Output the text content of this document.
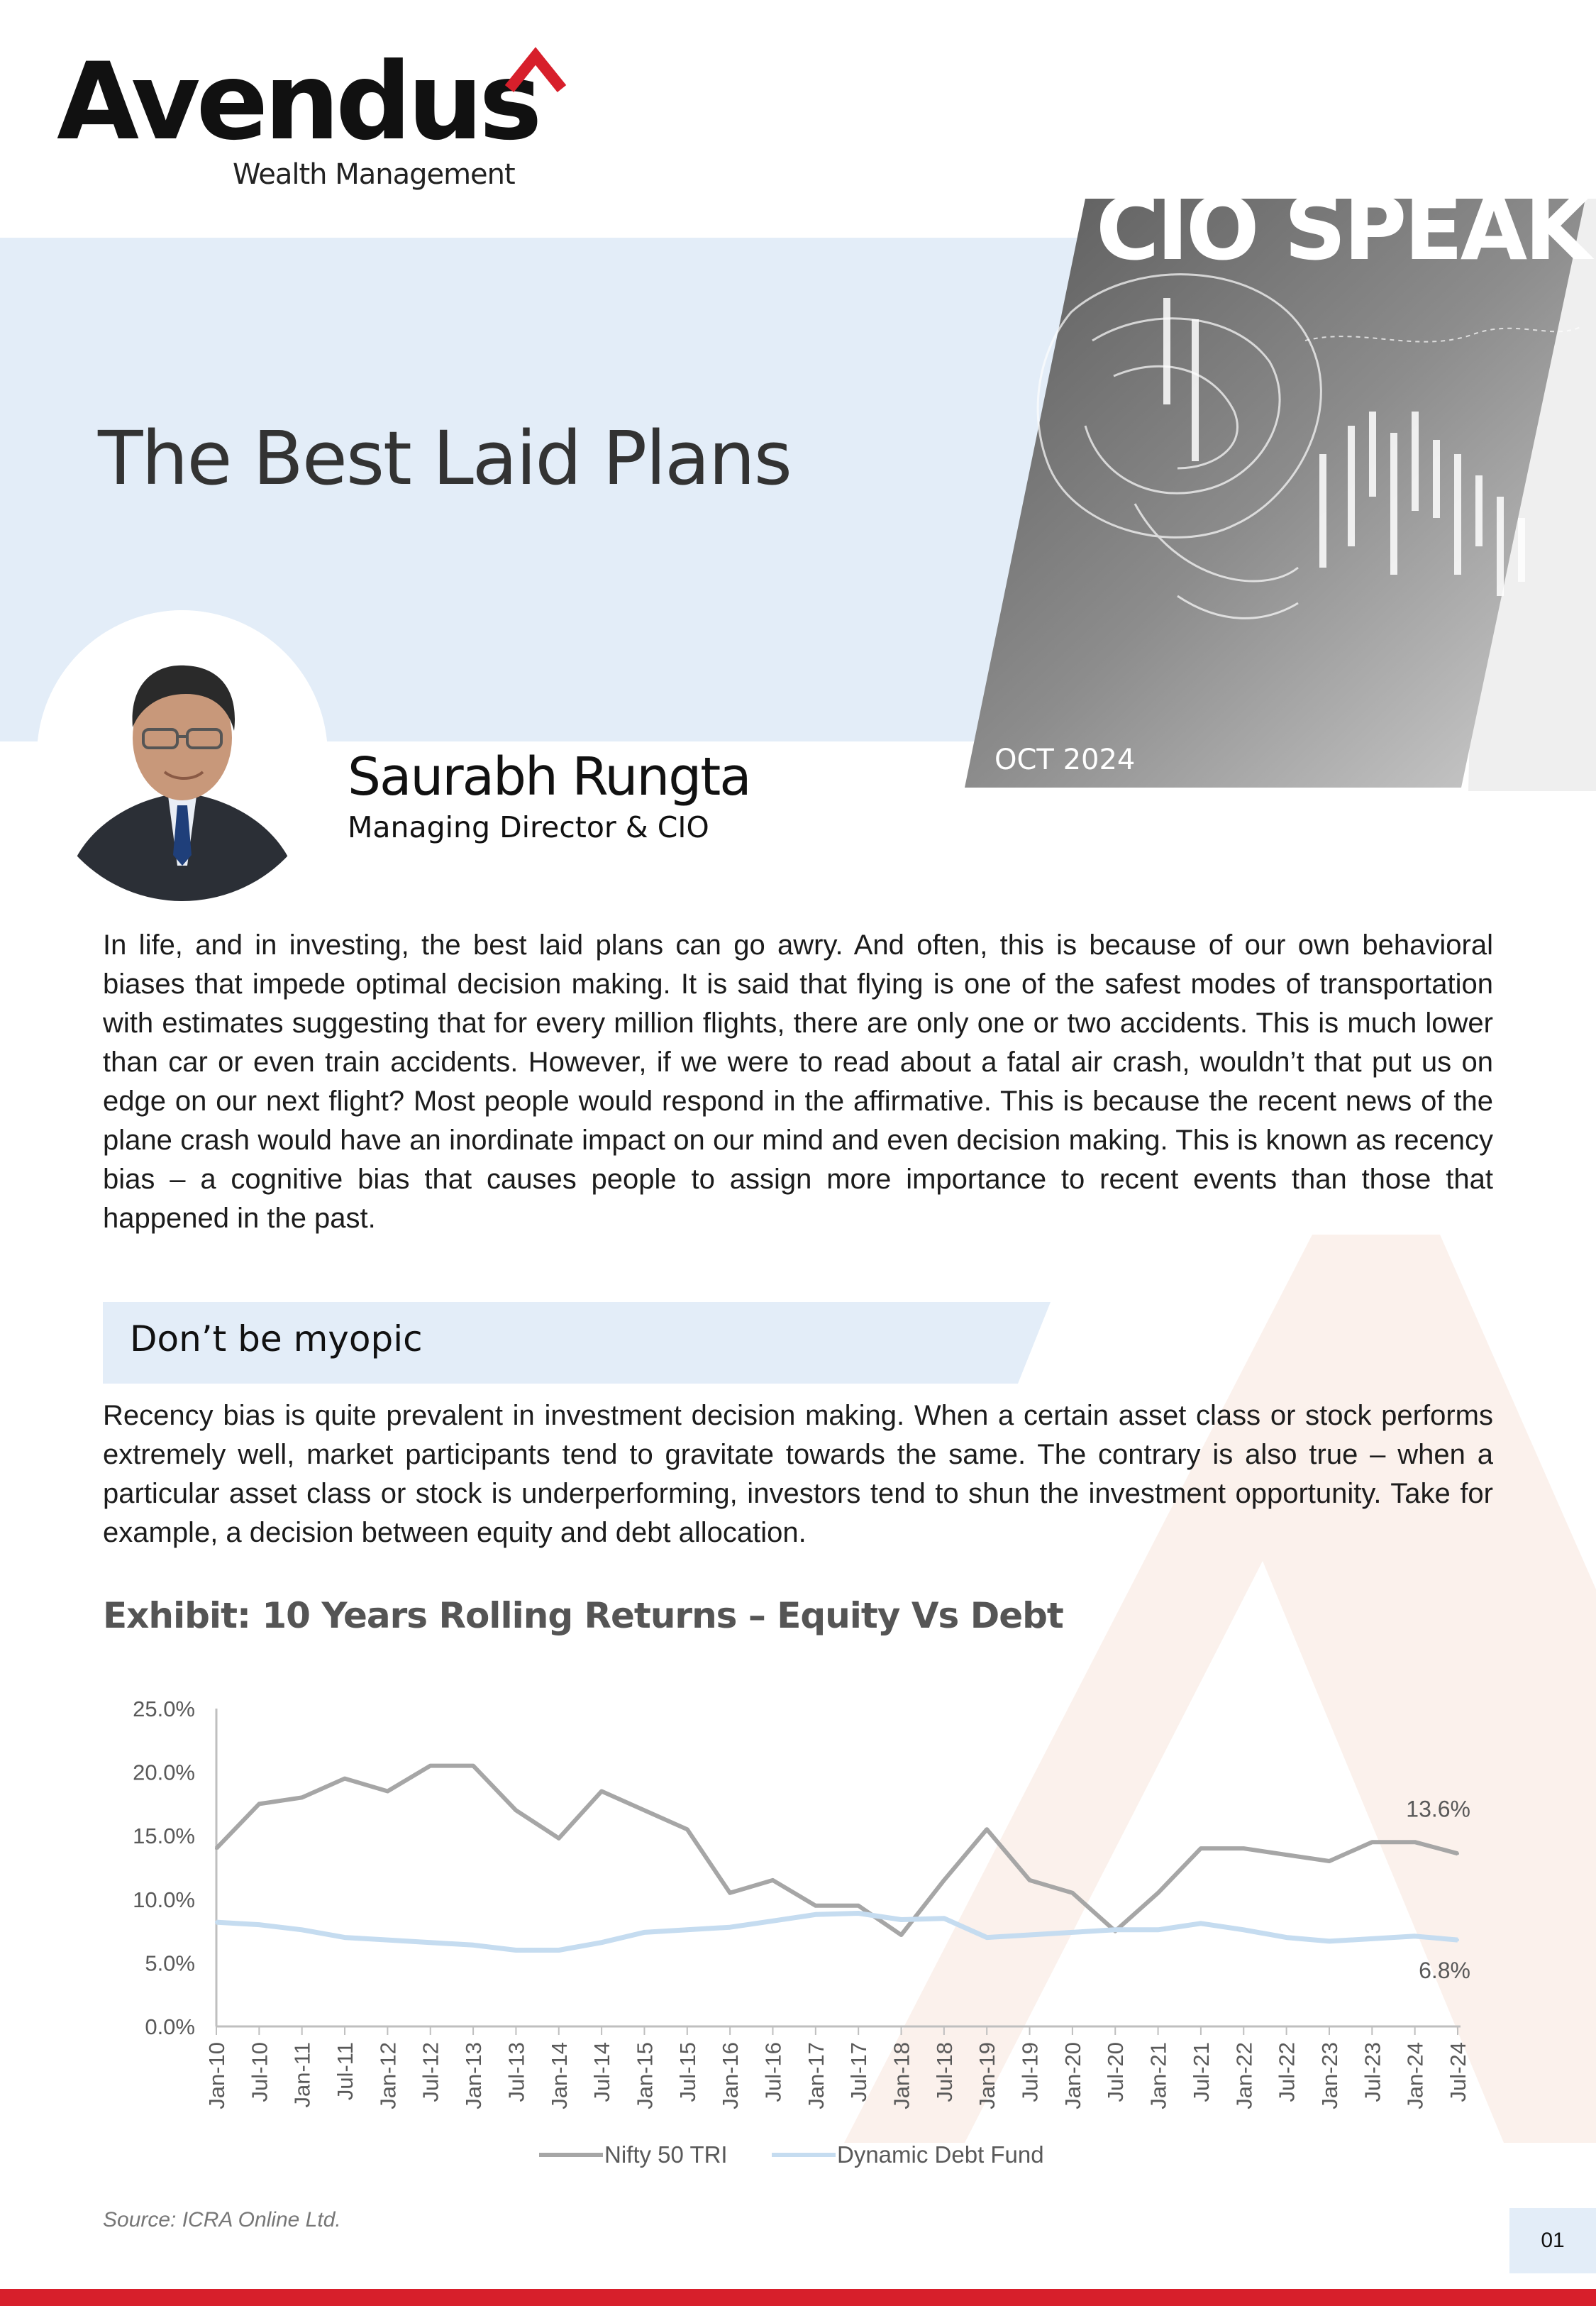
Avendus
Wealth Management
The Best Laid Plans
CIO SPEAK
OCT 2024
Saurabh Rungta
Managing Director & CIO
In life, and in investing, the best laid plans can go awry. And often, this is because of our own behavioral biases that impede optimal decision making. It is said that flying is one of the safest modes of transportation with estimates suggesting that for every million flights, there are only one or two accidents. This is much lower than car or even train accidents. However, if we were to read about a fatal air crash, wouldn’t that put us on edge on our next flight? Most people would respond in the affirmative. This is because the recent news of the plane crash would have an inordinate impact on our mind and even decision making. This is known as recency bias – a cognitive bias that causes people to assign more importance to recent events than those that happened in the past.
Don’t be myopic
Recency bias is quite prevalent in investment decision making. When a certain asset class or stock performs extremely well, market participants tend to gravitate towards the same. The contrary is also true – when a particular asset class or stock is underperforming, investors tend to shun the investment opportunity. Take for example, a decision between equity and debt allocation.
Exhibit: 10 Years Rolling Returns – Equity Vs Debt
0.0%
5.0%
10.0%
15.0%
20.0%
25.0%
Jan-10 Jul-10 Jan-11 Jul-11 Jan-12 Jul-12 Jan-13 Jul-13 Jan-14 Jul-14 Jan-15 Jul-15 Jan-16 Jul-16 Jan-17 Jul-17 Jan-18 Jul-18 Jan-19 Jul-19 Jan-20 Jul-20 Jan-21 Jul-21 Jan-22 Jul-22 Jan-23 Jul-23 Jan-24 Jul-24
13.6%
6.8%
Nifty 50 TRI	Dynamic Debt Fund
Source: ICRA Online Ltd.
01
